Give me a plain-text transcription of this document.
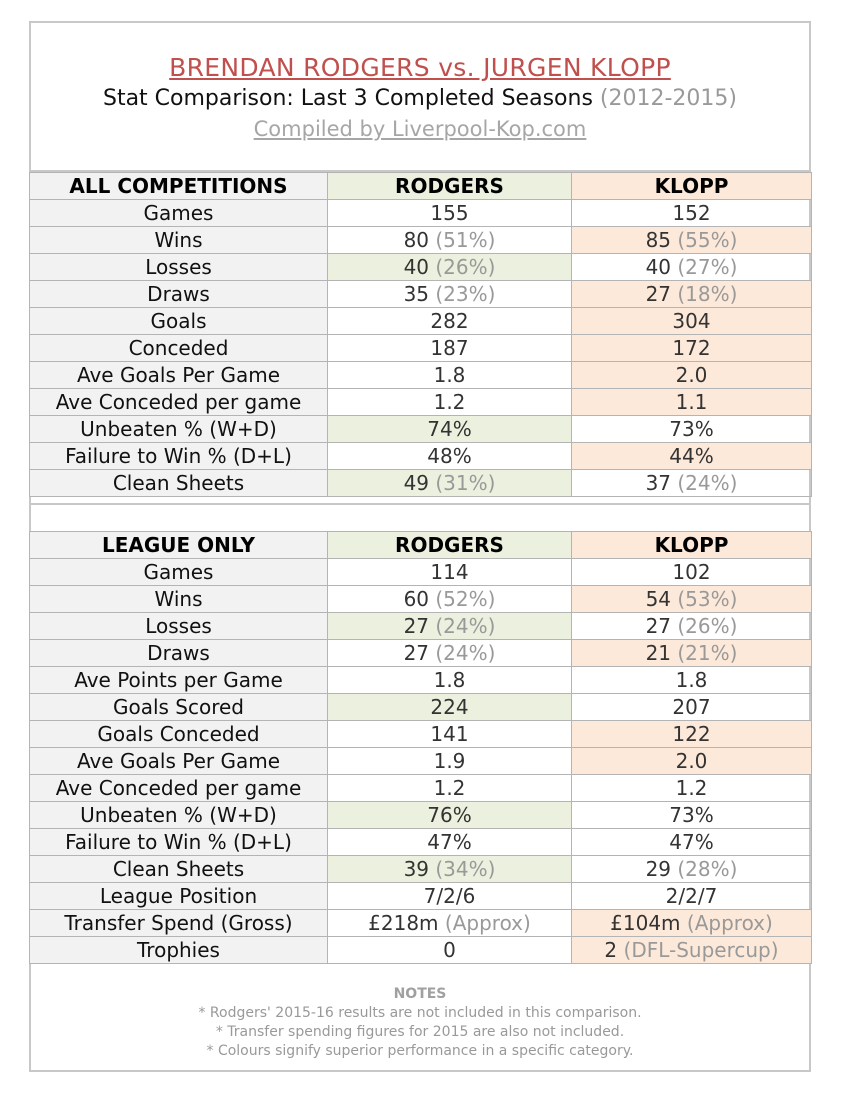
BRENDAN RODGERS vs. JURGEN KLOPP
Stat Comparison: Last 3 Completed Seasons (2012-2015)
Compiled by Liverpool-Kop.com
ALL COMPETITIONS	RODGERS	KLOPP
Games	155	152
Wins	80 (51%)	85 (55%)
Losses	40 (26%)	40 (27%)
Draws	35 (23%)	27 (18%)
Goals	282	304
Conceded	187	172
Ave Goals Per Game	1.8	2.0
Ave Conceded per game	1.2	1.1
Unbeaten % (W+D)	74%	73%
Failure to Win % (D+L)	48%	44%
Clean Sheets	49 (31%)	37 (24%)
LEAGUE ONLY	RODGERS	KLOPP
Games	114	102
Wins	60 (52%)	54 (53%)
Losses	27 (24%)	27 (26%)
Draws	27 (24%)	21 (21%)
Ave Points per Game	1.8	1.8
Goals Scored	224	207
Goals Conceded	141	122
Ave Goals Per Game	1.9	2.0
Ave Conceded per game	1.2	1.2
Unbeaten % (W+D)	76%	73%
Failure to Win % (D+L)	47%	47%
Clean Sheets	39 (34%)	29 (28%)
League Position	7/2/6	2/2/7
Transfer Spend (Gross)	£218m (Approx)	£104m (Approx)
Trophies	0	2 (DFL-Supercup)
NOTES
* Rodgers' 2015-16 results are not included in this comparison.
* Transfer spending figures for 2015 are also not included.
* Colours signify superior performance in a specific category.
